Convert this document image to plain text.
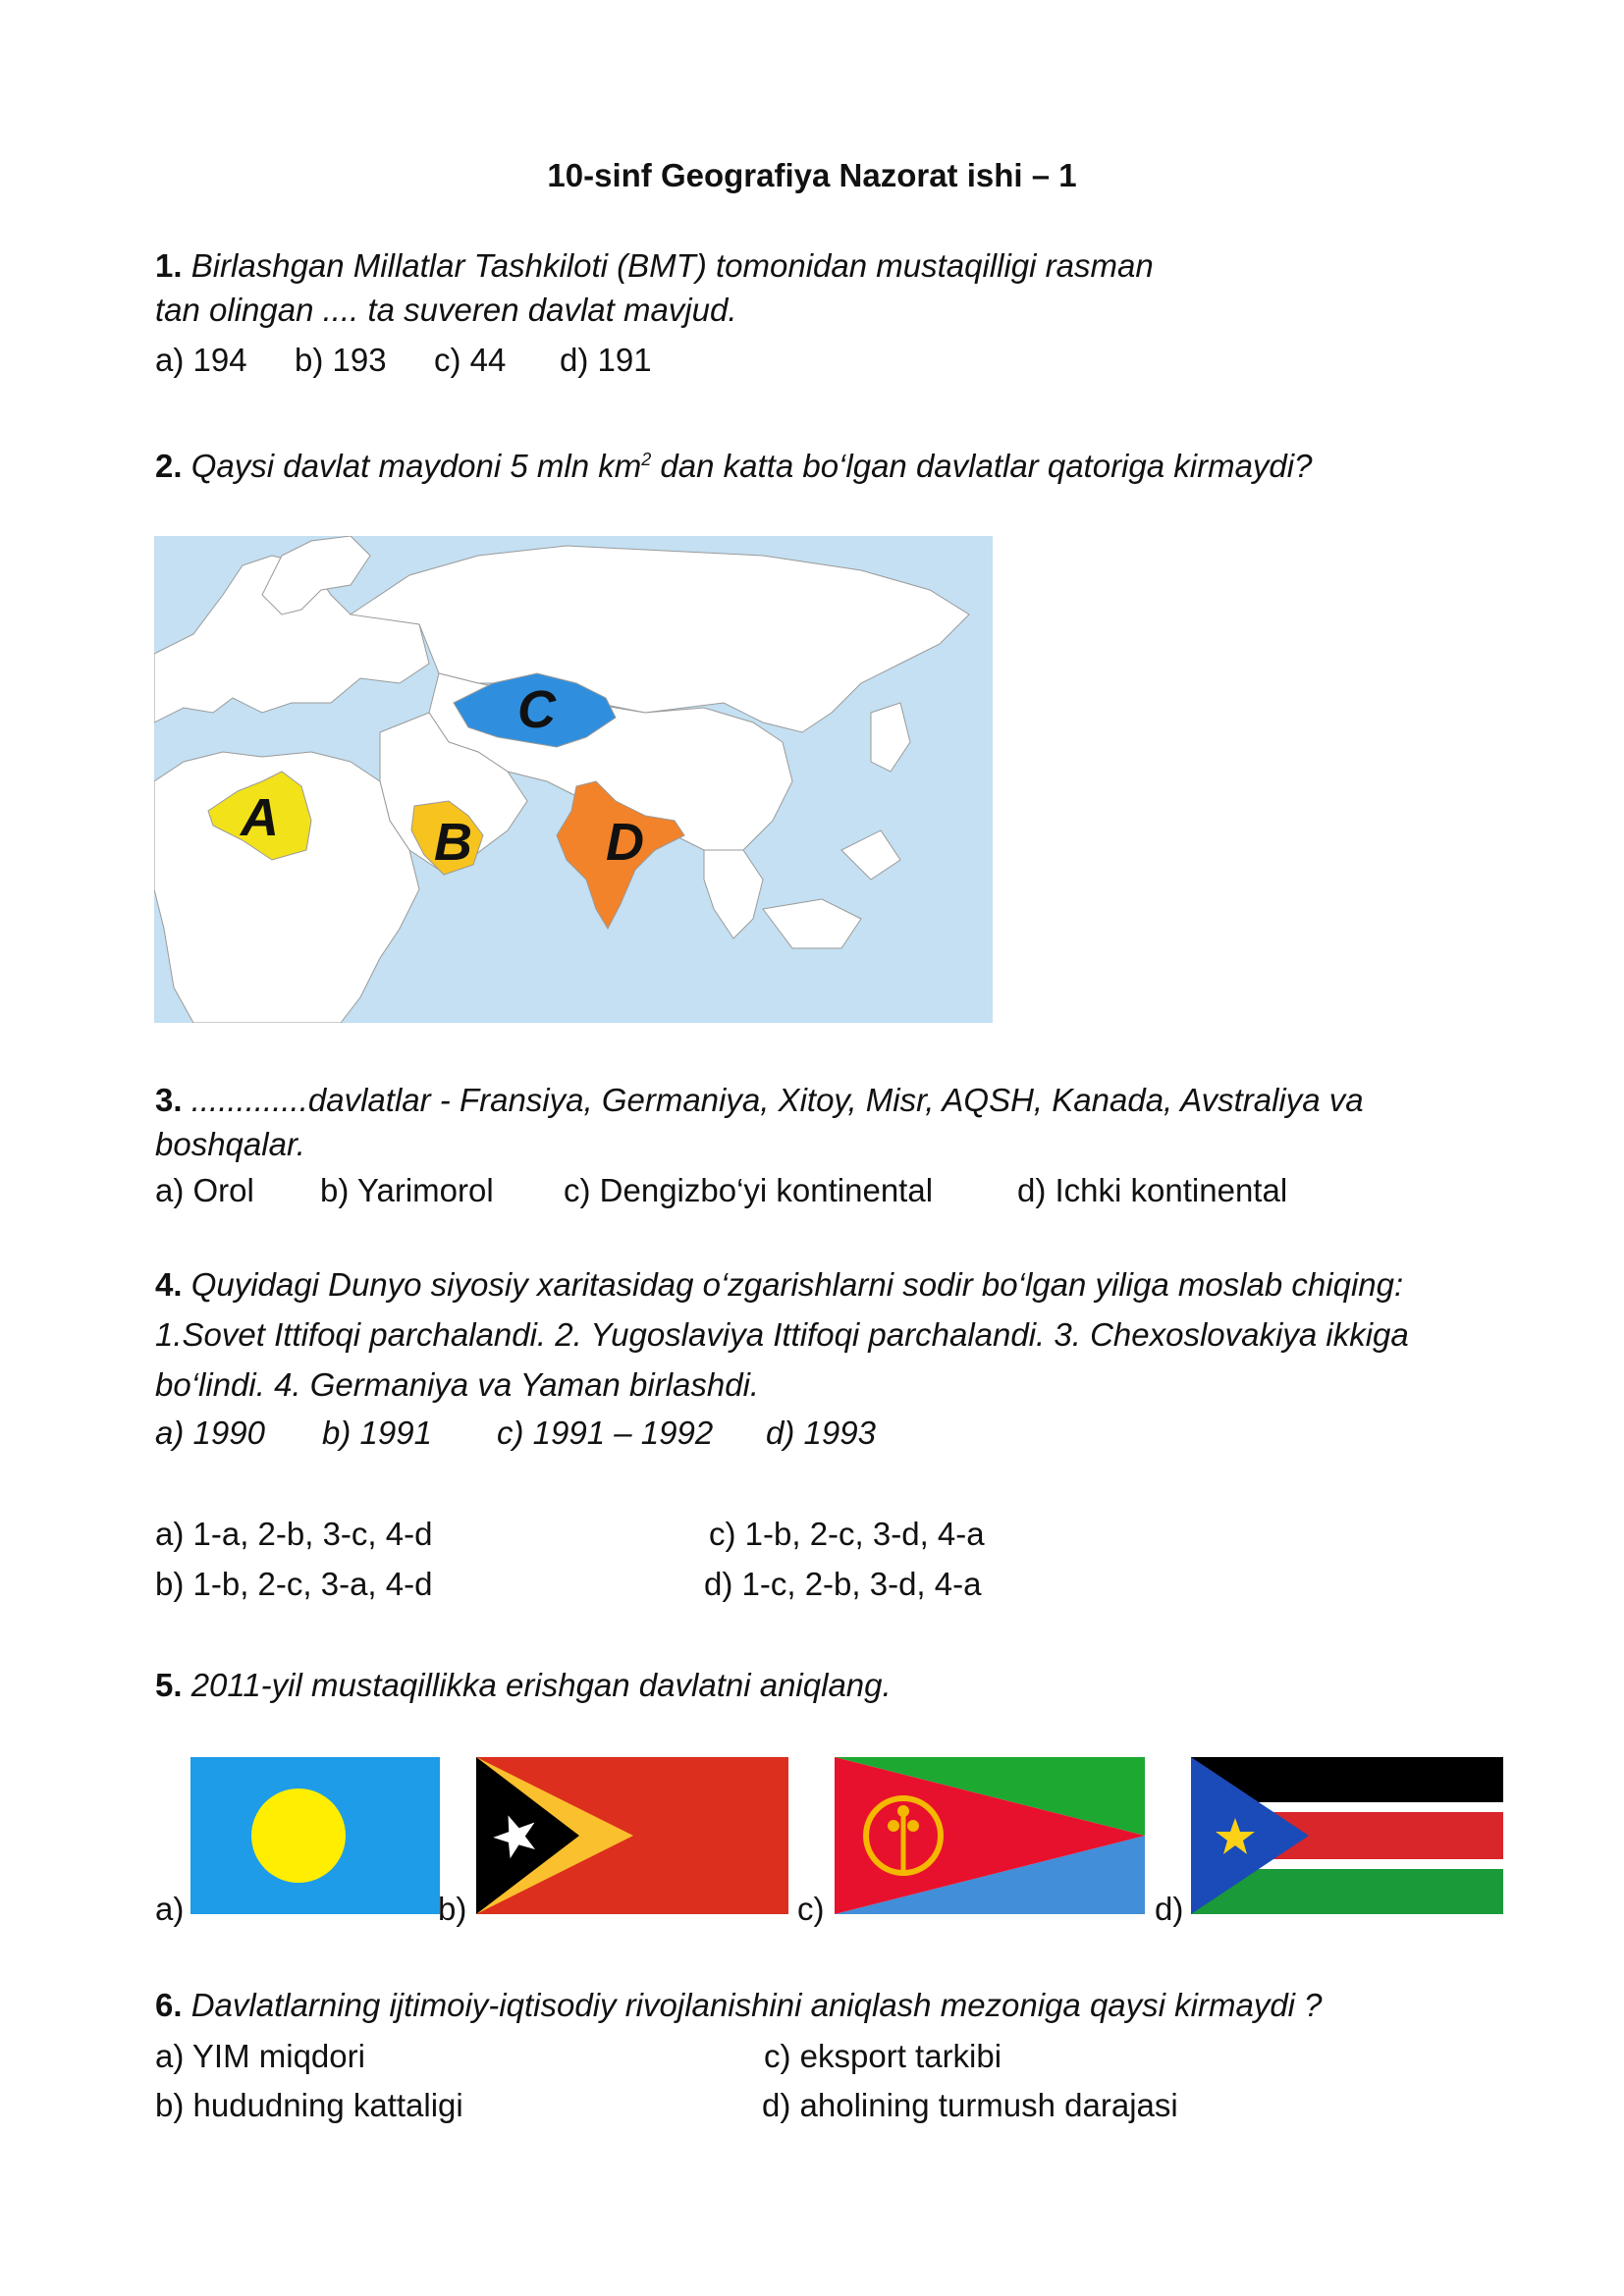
10-sinf Geografiya Nazorat ishi – 1
1. Birlashgan Millatlar Tashkiloti (BMT) tomonidan mustaqilligi rasman
tan olingan .... ta suveren davlat mavjud.
a) 194 b) 193 c) 44 d) 191
2. Qaysi davlat maydoni 5 mln $km^2$ dan katta bo‘lgan davlatlar qatoriga kirmaydi?
A	B
C
D
3. .............davlatlar - Fransiya, Germaniya, Xitoy, Misr, AQSH, Kanada, Avstraliya va
boshqalar.
a) Orol b) Yarimorol c) Dengizbo‘yi kontinental	d) Ichki kontinental
4. Quyidagi Dunyo siyosiy xaritasidag o‘zgarishlarni sodir bo‘lgan yiliga moslab chiqing:
1.Sovet Ittifoqi parchalandi. 2. Yugoslaviya Ittifoqi parchalandi. 3. Chexoslovakiya ikkiga
bo‘lindi. 4. Germaniya va Yaman birlashdi.
a) 1990 b) 1991 c) 1991 – 1992 d) 1993
a) 1-a, 2-b, 3-c, 4-d	c) 1-b, 2-c, 3-d, 4-a
b) 1-b, 2-c, 3-a, 4-d	d) 1-c, 2-b, 3-d, 4-a
5. 2011-yil mustaqillikka erishgan davlatni aniqlang.
a)	b)	c)	d)
6. Davlatlarning ijtimoiy-iqtisodiy rivojlanishini aniqlash mezoniga qaysi kirmaydi ?
a) YIM miqdori	c) eksport tarkibi
b) hududning kattaligi	d) aholining turmush darajasi
